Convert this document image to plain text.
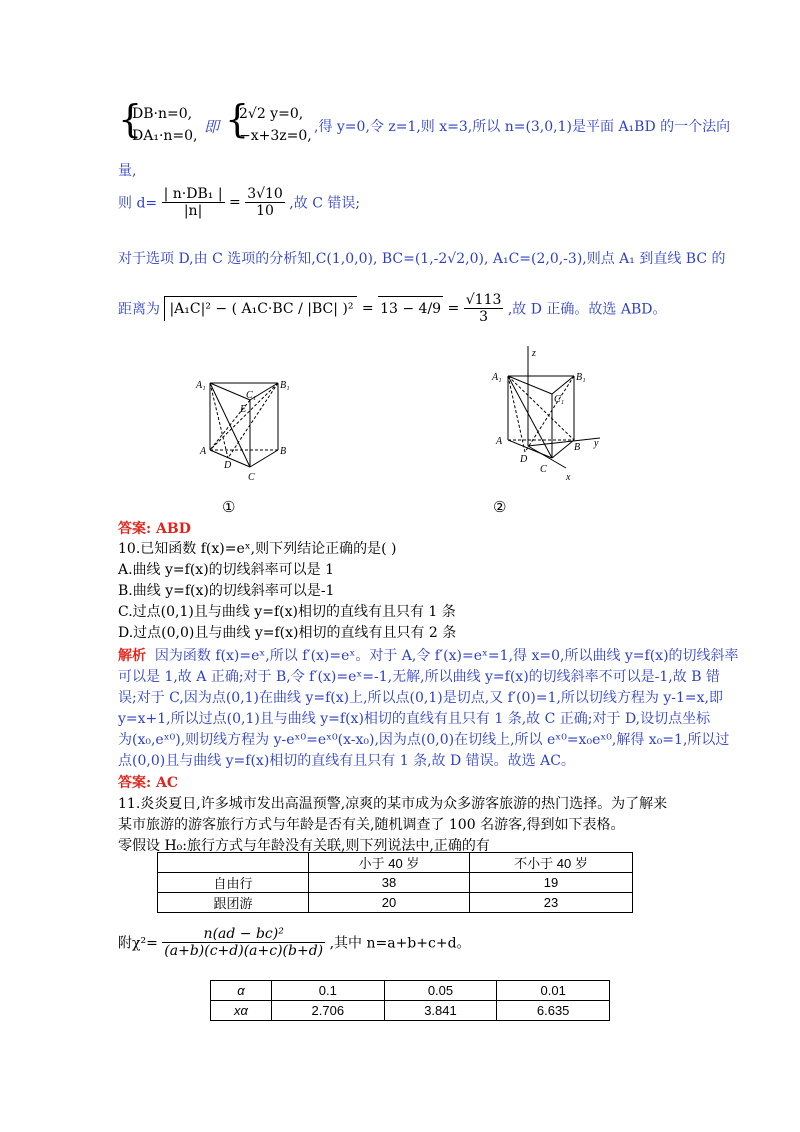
{
DB·n=0,
DA₁·n=0, 即 {
2√2 y=0,
−x+3z=0,
,得 y=0,令 z=1,则 x=3,所以 n=(3,0,1)是平面 A₁BD 的一个法向
量,
则 $d= \frac{\text{| n·DB₁ |}}{|n|} = \frac{3√10}{10}$ ,故 C 错误;
对于选项 D,由 C 选项的分析知,C(1,0,0), BC=(1,-2√2,0), A₁C=(2,0,-3),则点 A₁ 到直线 BC 的
距离为 |A₁C|² − ( A₁C·BC / |BC| )$^2 = 13 - 4/9 = \frac{√113}{3}$ ,故 D 正确。故选 ABD。
A₁	B₁
C₁
E
A	B
D
C
①
z
A₁	B₁
C₁
A
D
B
C
y
x
②
答案: ABD
10.已知函数 f(x)=eˣ,则下列结论正确的是( )
A.曲线 y=f(x)的切线斜率可以是 1
B.曲线 y=f(x)的切线斜率可以是-1
C.过点(0,1)且与曲线 y=f(x)相切的直线有且只有 1 条
D.过点(0,0)且与曲线 y=f(x)相切的直线有且只有 2 条
解析 因为函数 f(x)=eˣ,所以 f′(x)=eˣ。对于 A,令 f′(x)=eˣ=1,得 x=0,所以曲线 y=f(x)的切线斜率
可以是 1,故 A 正确;对于 B,令 f′(x)=eˣ=-1,无解,所以曲线 y=f(x)的切线斜率不可以是-1,故 B 错
误;对于 C,因为点(0,1)在曲线 y=f(x)上,所以点(0,1)是切点,又 f′(0)=1,所以切线方程为 y-1=x,即
y=x+1,所以过点(0,1)且与曲线 y=f(x)相切的直线有且只有 1 条,故 C 正确;对于 D,设切点坐标
为(x₀,eˣ⁰),则切线方程为 y-eˣ⁰=eˣ⁰(x-x₀),因为点(0,0)在切线上,所以 eˣ⁰=x₀eˣ⁰,解得 x₀=1,所以过
点(0,0)且与曲线 y=f(x)相切的直线有且只有 1 条,故 D 错误。故选 AC。
答案: AC
11.炎炎夏日,许多城市发出高温预警,凉爽的某市成为众多游客旅游的热门选择。为了解来
某市旅游的游客旅行方式与年龄是否有关,随机调查了 100 名游客,得到如下表格。
零假设 H₀:旅行方式与年龄没有关联,则下列说法中,正确的有
	小于 40 岁	不小于 40 岁
自由行	38	19
跟团游	20	23
附$\chi^2= \frac{\text{n(ad − bc)²}}{(a+b)(c+d)(a+c)(b+d)}$ ,其中 n=a+b+c+d。
α	0.1	0.05	0.01
xα	2.706	3.841	6.635
